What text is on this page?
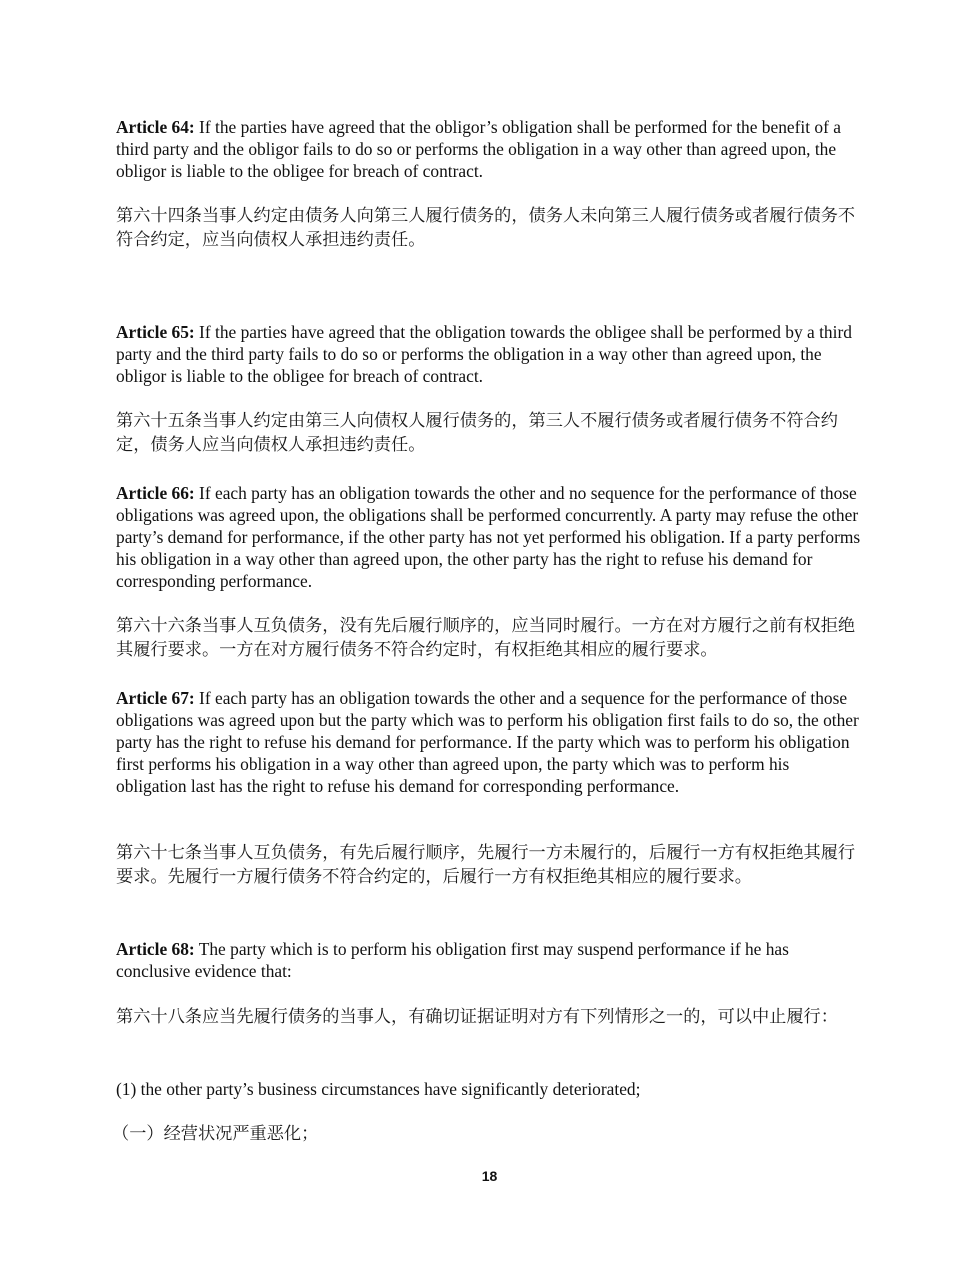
Article 64: If the parties have agreed that the obligor’s obligation shall be performed for the benefit of a third party and the obligor fails to do so or performs the obligation in a way other than agreed upon, the obligor is liable to the obligee for breach of contract.

第六十四条当事人约定由债务人向第三人履行债务的，债务人未向第三人履行债务或者履行债务不符合约定，应当向债权人承担违约责任。

Article 65: If the parties have agreed that the obligation towards the obligee shall be performed by a third party and the third party fails to do so or performs the obligation in a way other than agreed upon, the obligor is liable to the obligee for breach of contract.

第六十五条当事人约定由第三人向债权人履行债务的，第三人不履行债务或者履行债务不符合约定，债务人应当向债权人承担违约责任。

Article 66: If each party has an obligation towards the other and no sequence for the performance of those obligations was agreed upon, the obligations shall be performed concurrently. A party may refuse the other party’s demand for performance, if the other party has not yet performed his obligation. If a party performs his obligation in a way other than agreed upon, the other party has the right to refuse his demand for corresponding performance.

第六十六条当事人互负债务，没有先后履行顺序的，应当同时履行。一方在对方履行之前有权拒绝其履行要求。一方在对方履行债务不符合约定时，有权拒绝其相应的履行要求。

Article 67: If each party has an obligation towards the other and a sequence for the performance of those obligations was agreed upon but the party which was to perform his obligation first fails to do so, the other party has the right to refuse his demand for performance. If the party which was to perform his obligation first performs his obligation in a way other than agreed upon, the party which was to perform his obligation last has the right to refuse his demand for corresponding performance.

第六十七条当事人互负债务，有先后履行顺序，先履行一方未履行的，后履行一方有权拒绝其履行要求。先履行一方履行债务不符合约定的，后履行一方有权拒绝其相应的履行要求。

Article 68: The party which is to perform his obligation first may suspend performance if he has conclusive evidence that:

第六十八条应当先履行债务的当事人，有确切证据证明对方有下列情形之一的，可以中止履行：

(1) the other party’s business circumstances have significantly deteriorated;

（一）经营状况严重恶化；

18
